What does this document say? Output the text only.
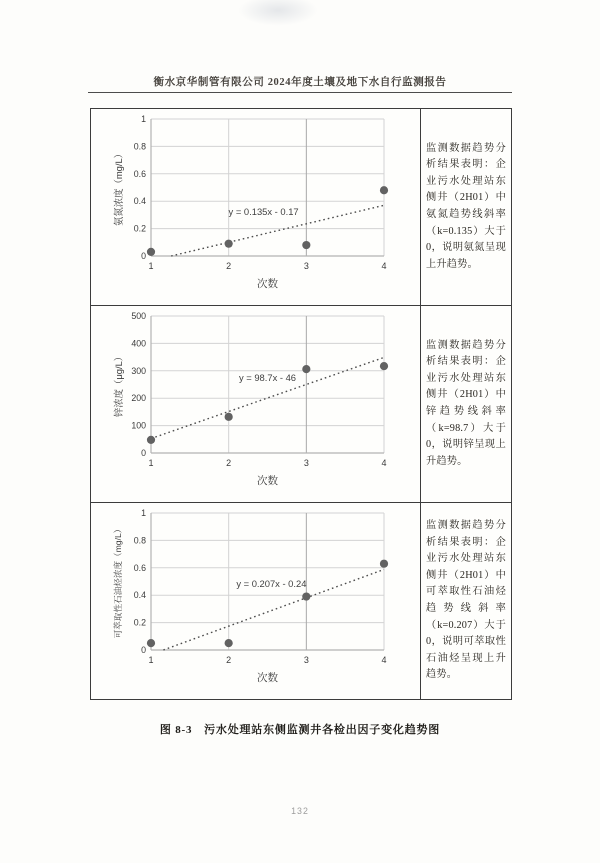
衡水京华制管有限公司 2024年度土壤及地下水自行监测报告
0
0.2
0.4
0.6
0.8
1
1	2	3	4
次数
氨氮浓度（mg/L）	y = 0.135x - 0.17

监测数据趋势分析结果表明：企业污水处理站东侧井（2H01）中氨氮趋势线斜率（k=0.135）大于0，说明氨氮呈现上升趋势。

0
100
200
300
400
500
1	2	3	4
次数
锌浓度（μg/L）	y = 98.7x - 46

监测数据趋势分析结果表明：企业污水处理站东侧井（2H01）中锌趋势线斜率（k=98.7）大于0，说明锌呈现上升趋势。

0
0.2
0.4
0.6
0.8
1
1	2	3	4
次数
可萃取性石油烃浓度（mg/L）	y = 0.207x - 0.24

监测数据趋势分析结果表明：企业污水处理站东侧井（2H01）中可萃取性石油烃趋势线斜率（k=0.207）大于0，说明可萃取性石油烃呈现上升趋势。

图 8-3　污水处理站东侧监测井各检出因子变化趋势图
132
